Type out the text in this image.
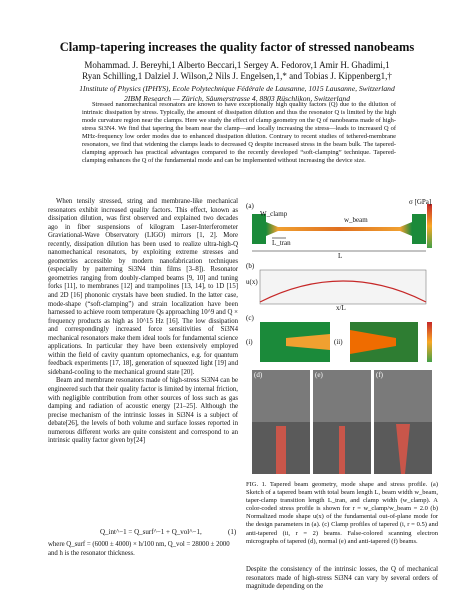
Clamp-tapering increases the quality factor of stressed nanobeams
Mohammad. J. Bereyhi,1 Alberto Beccari,1 Sergey A. Fedorov,1 Amir H. Ghadimi,1
Ryan Schilling,1 Dalziel J. Wilson,2 Nils J. Engelsen,1,* and Tobias J. Kippenberg1,†
1Institute of Physics (IPHYS), Ecole Polytechnique Fédérale de Lausanne, 1015 Lausanne, Switzerland
2IBM Research — Zürich, Säumerstrasse 4, 8803 Rüschlikon, Switzerland

Stressed nanomechanical resonators are known to have exceptionally high quality factors (Q) due to the dilution of intrinsic dissipation by stress. Typically, the amount of dissipation dilution and thus the resonator Q is limited by the high mode curvature region near the clamps. Here we study the effect of clamp geometry on the Q of nanobeams made of high-stress Si3N4. We find that tapering the beam near the clamp—and locally increasing the stress—leads to increased Q of MHz-frequency low order modes due to enhanced dissipation dilution. Contrary to recent studies of tethered-membrane resonators, we find that widening the clamps leads to decreased Q despite increased stress in the beam bulk. The tapered-clamping approach has practical advantages compared to the recently developed “soft-clamping” technique. Tapered-clamping enhances the Q of the fundamental mode and can be implemented without increasing the device size.

When tensily stressed, string and membrane-like mechanical resonators exhibit increased quality factors. This effect, known as dissipation dilution, was first observed and explained two decades ago in fiber suspensions of kilogram Laser-Interferometer Graviational-Wave Observatory (LIGO) mirrors [1, 2]. More recently, dissipation dilution has been used to realize ultra-high-Q nanomechanical resonators, by exploiting extreme stresses and geometries accessible by modern nanofabrication techniques (especially by patterning Si3N4 thin films [3–8]). Resonator geometries ranging from doubly-clamped beams [9, 10] and tuning forks [11], to membranes [12] and trampolines [13, 14], to 1D [15] and 2D [16] phononic crystals have been studied. In the latter case, mode-shape (“soft-clamping”) and strain localization have been harnessed to achieve room temperature Qs approaching 10^9 and Q × frequency products as high as 10^15 Hz [16]. The low dissipation and correspondingly increased force sensitivities of Si3N4 mechanical resonators make them ideal tools for fundamental science applications. In particular they have been extensively employed within the field of cavity quantum optomechanics, e.g. for quantum feedback experiments [17, 18], generation of squeezed light [19] and sideband-cooling to the mechanical ground state [20].

Beam and membrane resonators made of high-stress Si3N4 can be engineered such that their quality factor is limited by internal friction, with negligible contribution from other sources of loss such as gas damping and radiation of acoustic energy [21–25]. Although the precise mechanism of the intrinsic losses in Si3N4 is a subject of debate[26], the levels of both volume and surface losses reported in numerous different works are quite consistent and correspond to an intrinsic quality factor given by[24]

Q_int^−1 = Q_surf^−1 + Q_vol^−1,	(1)
where Q_surf = (6000 ± 4000) × h/100 nm, Q_vol = 28000 ± 2000 and h is the resonator thickness.
(a)
W_clamp
w_beam
L_tran
L
σ [GPa]
(b)
u(x)
x/L
(c)
(i)	(ii)
(d)	(e)	(f)
FIG. 1. Tapered beam geometry, mode shape and stress profile. (a) Sketch of a tapered beam with total beam length L, beam width w_beam, taper-clamp transition length L_tran, and clamp width (w_clamp). A color-coded stress profile is shown for r = w_clamp/w_beam = 2.0 (b) Normalized mode shape u(x) of the fundamental out-of-plane mode for the design parameters in (a). (c) Clamp profiles of tapered (i, r = 0.5) and anti-tapered (ii, r = 2) beams. False-colored scanning electron micrographs of tapered (d), normal (e) and anti-tapered (f) beams.
Despite the consistency of the intrinsic losses, the Q of mechanical resonators made of high-stress Si3N4 can vary by several orders of magnitude depending on the
